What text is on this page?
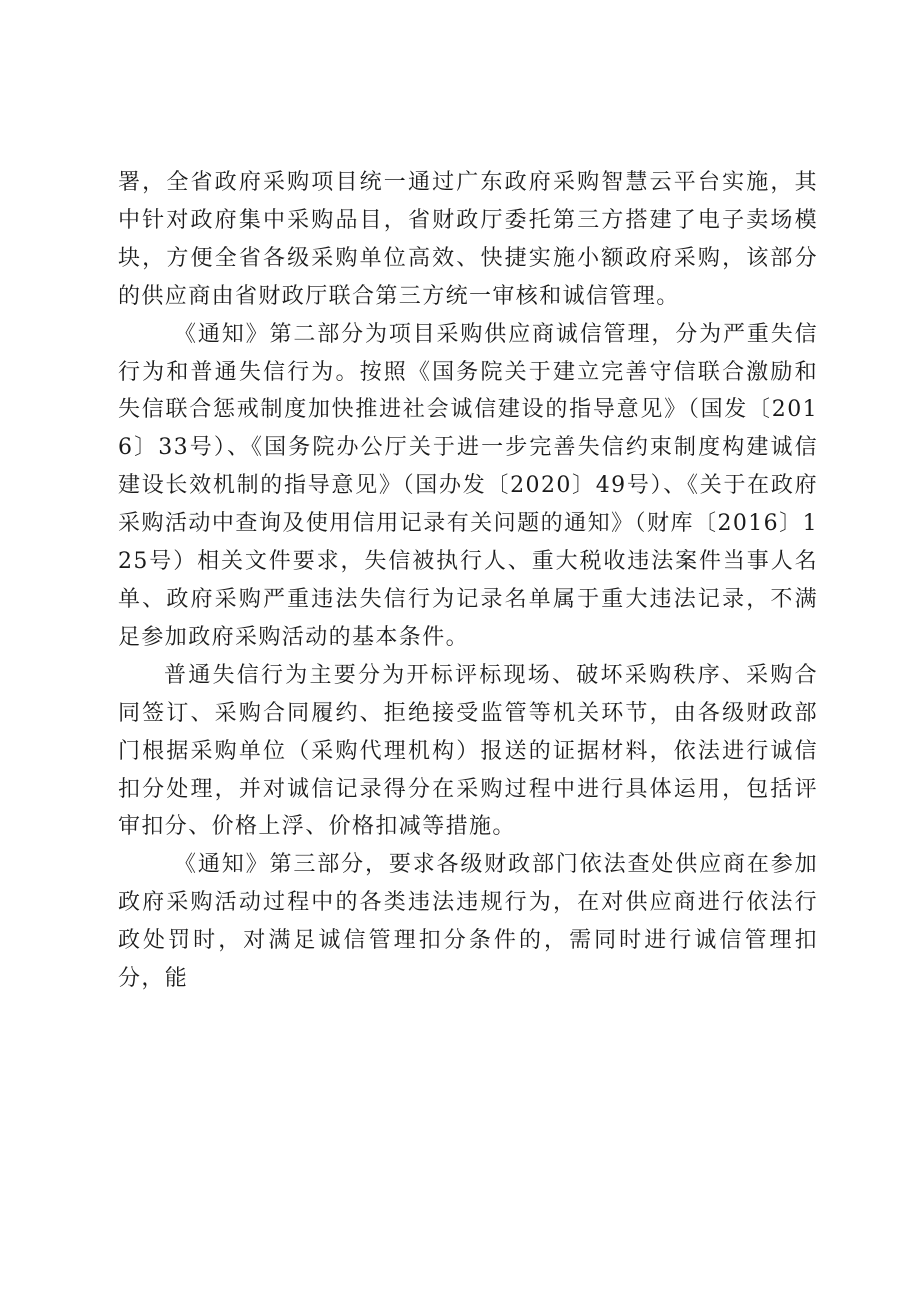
署，全省政府采购项目统一通过广东政府采购智慧云平台实施，其中针对政府集中采购品目，省财政厅委托第三方搭建了电子卖场模块，方便全省各级采购单位高效、快捷实施小额政府采购，该部分的供应商由省财政厅联合第三方统一审核和诚信管理。

《通知》第二部分为项目采购供应商诚信管理，分为严重失信行为和普通失信行为。按照《国务院关于建立完善守信联合激励和失信联合惩戒制度加快推进社会诚信建设的指导意见》（国发〔2016〕33号）、《国务院办公厅关于进一步完善失信约束制度构建诚信建设长效机制的指导意见》（国办发〔2020〕49号）、《关于在政府采购活动中查询及使用信用记录有关问题的通知》（财库〔2016〕125号）相关文件要求，失信被执行人、重大税收违法案件当事人名单、政府采购严重违法失信行为记录名单属于重大违法记录，不满足参加政府采购活动的基本条件。

普通失信行为主要分为开标评标现场、破坏采购秩序、采购合同签订、采购合同履约、拒绝接受监管等机关环节，由各级财政部门根据采购单位（采购代理机构）报送的证据材料，依法进行诚信扣分处理，并对诚信记录得分在采购过程中进行具体运用，包括评审扣分、价格上浮、价格扣减等措施。

《通知》第三部分，要求各级财政部门依法查处供应商在参加政府采购活动过程中的各类违法违规行为，在对供应商进行依法行政处罚时，对满足诚信管理扣分条件的，需同时进行诚信管理扣分，能
